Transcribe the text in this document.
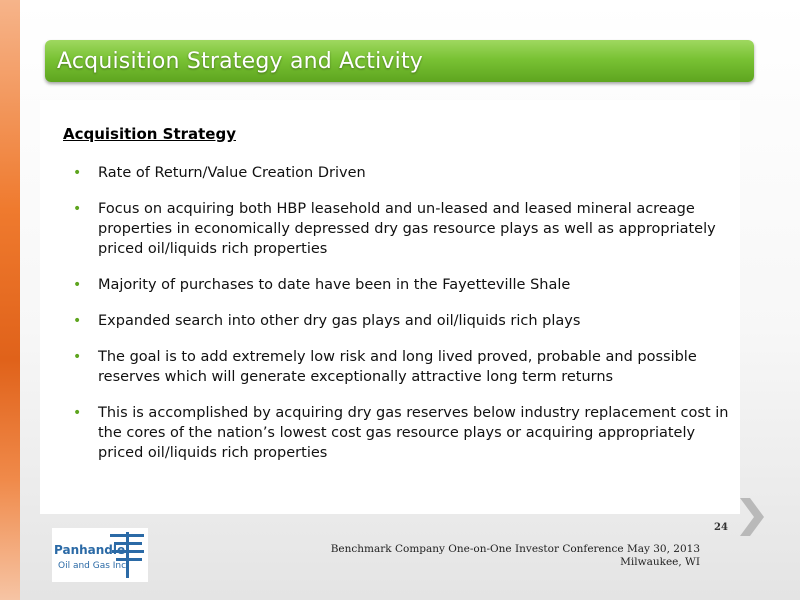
Acquisition Strategy and Activity
Acquisition Strategy
• Rate of Return/Value Creation Driven
• Focus on acquiring both HBP leasehold and un-leased and leased mineral acreage properties in economically depressed dry gas resource plays as well as appropriately priced oil/liquids rich properties
• Majority of purchases to date have been in the Fayetteville Shale
• Expanded search into other dry gas plays and oil/liquids rich plays
• The goal is to add extremely low risk and long lived proved, probable and possible reserves which will generate exceptionally attractive long term returns
• This is accomplished by acquiring dry gas reserves below industry replacement cost in the cores of the nation’s lowest cost gas resource plays or acquiring appropriately priced oil/liquids rich properties
24
Benchmark Company One-on-One Investor Conference May 30, 2013
Milwaukee, WI
Panhandle
Oil and Gas Inc.
